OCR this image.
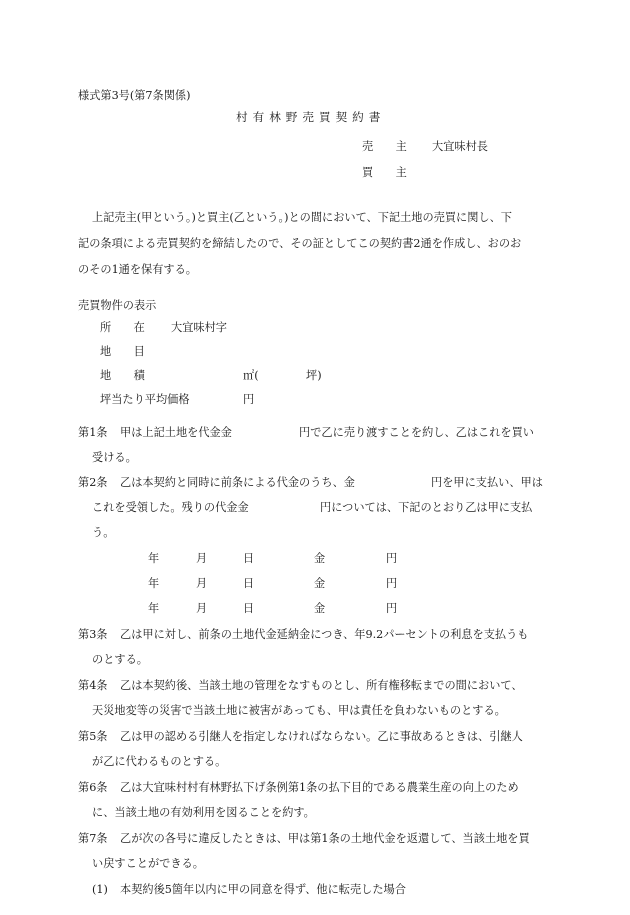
様式第3号(第7条関係)
村有林野売買契約書
売　　主 大宜味村長
買　　主
上記売主(甲という。)と買主(乙という。)との間において、下記土地の売買に関し、下
記の条項による売買契約を締結したので、その証としてこの契約書2通を作成し、おのお
のその1通を保有する。
売買物件の表示
所　　在 大宜味村字
地　　目
地　　積	㎡(	坪)
坪当たり平均価格	円
第1条 甲は上記土地を代金金	円で乙に売り渡すことを約し、乙はこれを買い
受ける。
第2条 乙は本契約と同時に前条による代金のうち、金	円を甲に支払い、甲は
これを受領した。残りの代金金	円については、下記のとおり乙は甲に支払
う。
年	月	日	金	円
年	月	日	金	円
年	月	日	金	円
第3条 乙は甲に対し、前条の土地代金延納金につき、年9.2パーセントの利息を支払うも
のとする。
第4条 乙は本契約後、当該土地の管理をなすものとし、所有権移転までの間において、
天災地変等の災害で当該土地に被害があっても、甲は責任を負わないものとする。
第5条 乙は甲の認める引継人を指定しなければならない。乙に事故あるときは、引継人
が乙に代わるものとする。
第6条 乙は大宜味村村有林野払下げ条例第1条の払下目的である農業生産の向上のため
に、当該土地の有効利用を図ることを約す。
第7条 乙が次の各号に違反したときは、甲は第1条の土地代金を返還して、当該土地を買
い戻すことができる。
(1) 本契約後5箇年以内に甲の同意を得ず、他に転売した場合
